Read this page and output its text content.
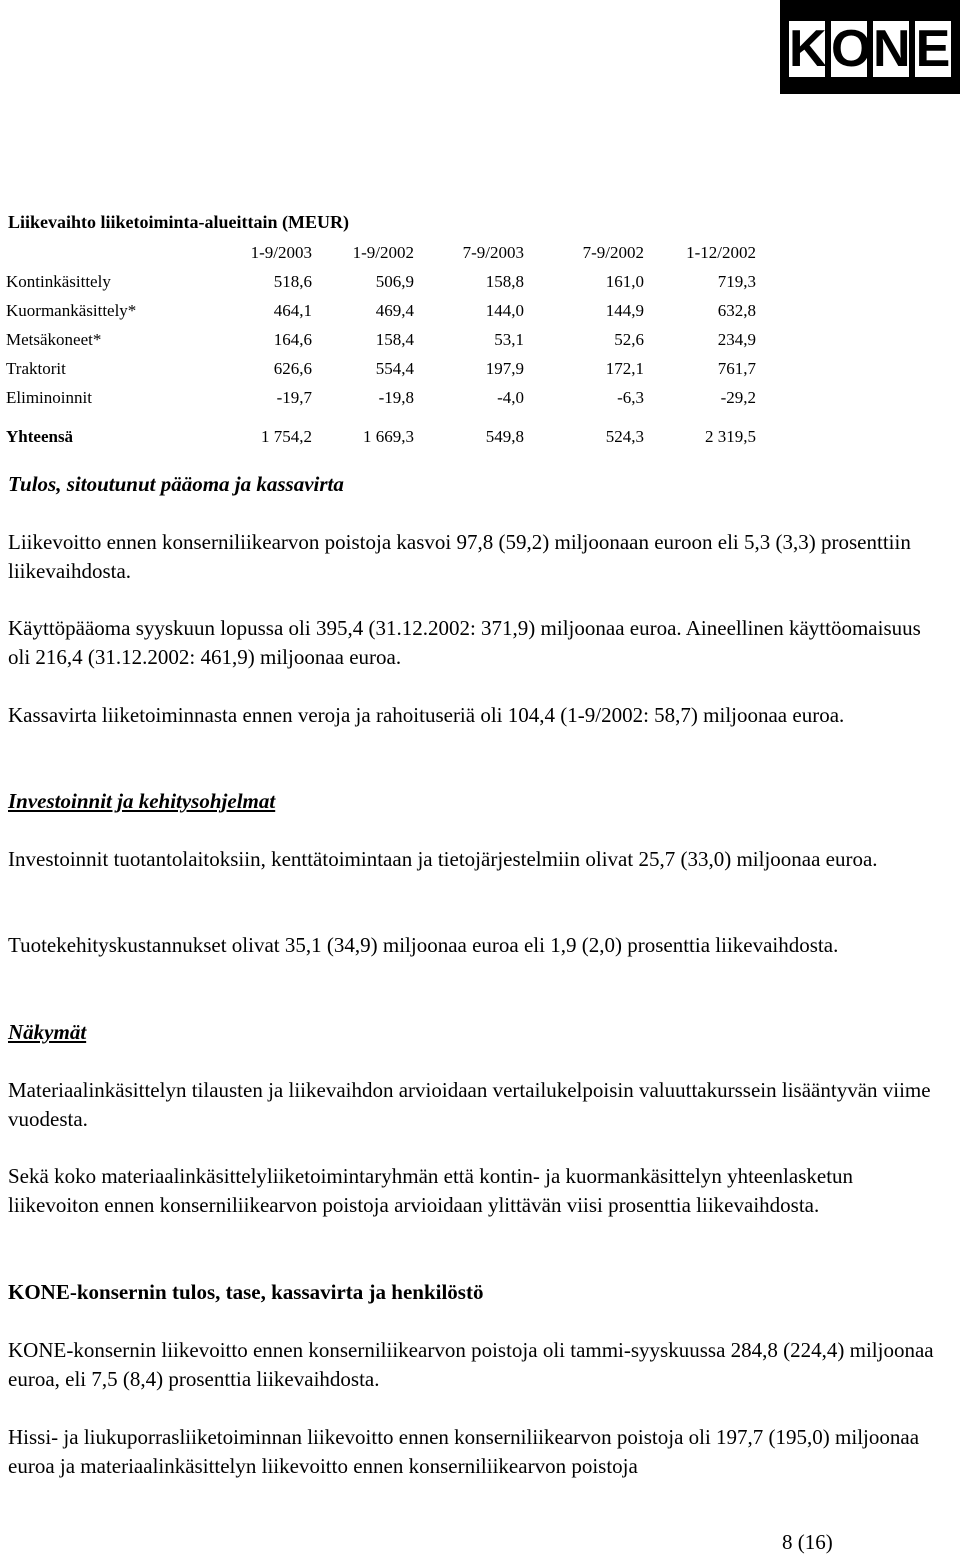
K O N E
Liikevaihto liiketoiminta-alueittain (MEUR)
	1-9/2003	1-9/2002	7-9/2003	7-9/2002	1-12/2002
Kontinkäsittely	518,6	506,9	158,8	161,0	719,3
Kuormankäsittely*	464,1	469,4	144,0	144,9	632,8
Metsäkoneet*	164,6	158,4	53,1	52,6	234,9
Traktorit	626,6	554,4	197,9	172,1	761,7
Eliminoinnit	-19,7	-19,8	-4,0	-6,3	-29,2
Yhteensä	1 754,2	1 669,3	549,8	524,3	2 319,5

Tulos, sitoutunut pääoma ja kassavirta

Liikevoitto ennen konserniliikearvon poistoja kasvoi 97,8 (59,2) miljoonaan euroon eli 5,3 (3,3) prosenttiin liikevaihdosta.

Käyttöpääoma syyskuun lopussa oli 395,4 (31.12.2002: 371,9) miljoonaa euroa. Aineellinen käyttöomaisuus oli 216,4 (31.12.2002: 461,9) miljoonaa euroa.

Kassavirta liiketoiminnasta ennen veroja ja rahoituseriä oli 104,4 (1-9/2002: 58,7) miljoonaa euroa.

Investoinnit ja kehitysohjelmat

Investoinnit tuotantolaitoksiin, kenttätoimintaan ja tietojärjestelmiin olivat 25,7 (33,0) miljoonaa euroa.

Tuotekehityskustannukset olivat 35,1 (34,9) miljoonaa euroa eli 1,9 (2,0) prosenttia liikevaihdosta.

Näkymät

Materiaalinkäsittelyn tilausten ja liikevaihdon arvioidaan vertailukelpoisin valuuttakurssein lisääntyvän viime vuodesta.

Sekä koko materiaalinkäsittelyliiketoimintaryhmän että kontin- ja kuormankäsittelyn yhteenlasketun liikevoiton ennen konserniliikearvon poistoja arvioidaan ylittävän viisi prosenttia liikevaihdosta.

KONE-konsernin tulos, tase, kassavirta ja henkilöstö

KONE-konsernin liikevoitto ennen konserniliikearvon poistoja oli tammi-syyskuussa 284,8 (224,4) miljoonaa euroa, eli 7,5 (8,4) prosenttia liikevaihdosta.

Hissi- ja liukuporrasliiketoiminnan liikevoitto ennen konserniliikearvon poistoja oli 197,7 (195,0) miljoonaa euroa ja materiaalinkäsittelyn liikevoitto ennen konserniliikearvon poistoja

8 (16)
